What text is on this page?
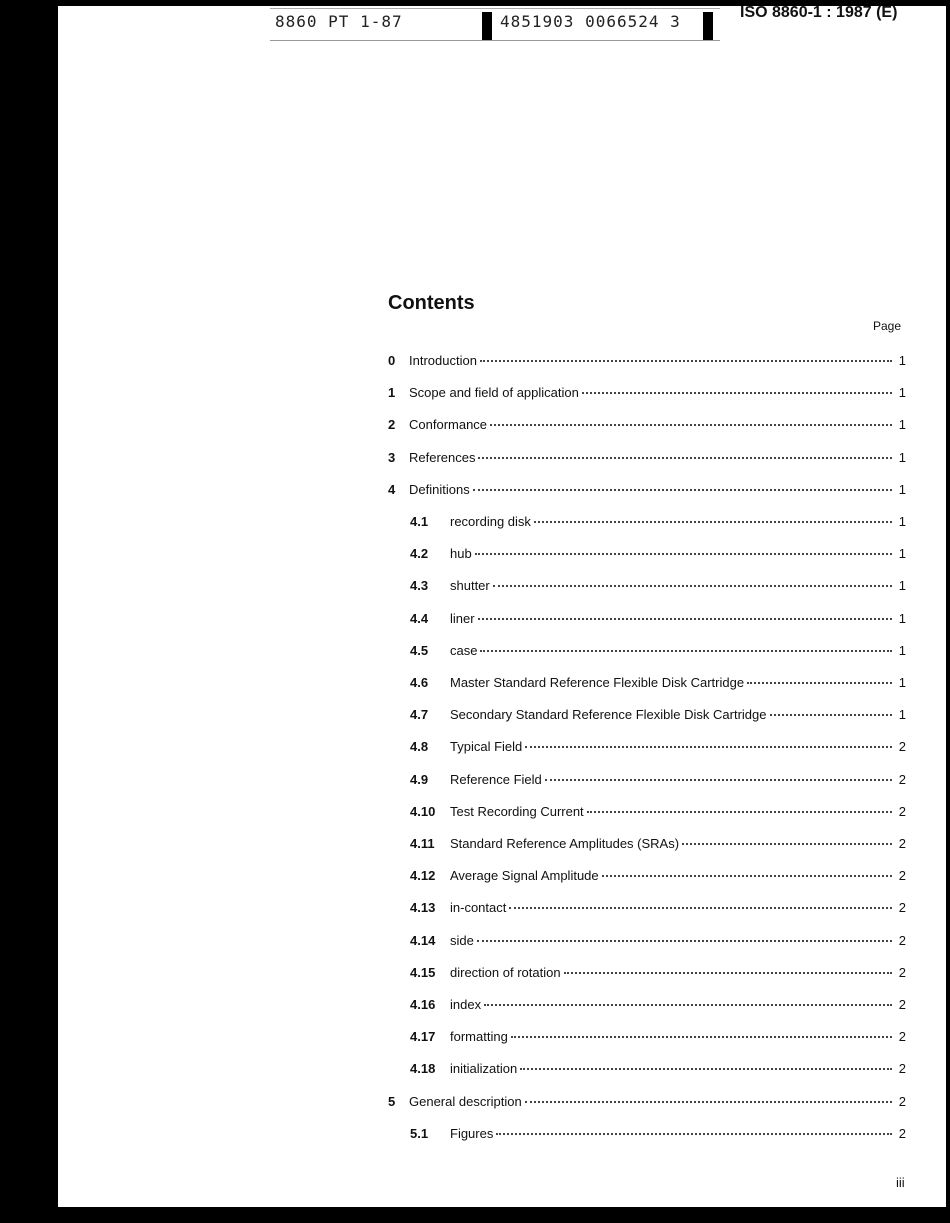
8860 PT 1-87	4851903 0066524 3	ISO 8860-1 : 1987 (E)
Contents
Page
0	Introduction	1
1	Scope and field of application	1
2	Conformance	1
3	References	1
4	Definitions	1
4.1	recording disk	1
4.2	hub	1
4.3	shutter	1
4.4	liner	1
4.5	case	1
4.6	Master Standard Reference Flexible Disk Cartridge	1
4.7	Secondary Standard Reference Flexible Disk Cartridge	1
4.8	Typical Field	2
4.9	Reference Field	2
4.10	Test Recording Current	2
4.11	Standard Reference Amplitudes (SRAs)	2
4.12	Average Signal Amplitude	2
4.13	in-contact	2
4.14	side	2
4.15	direction of rotation	2
4.16	index	2
4.17	formatting	2
4.18	initialization	2
5	General description	2
5.1	Figures	2
iii
